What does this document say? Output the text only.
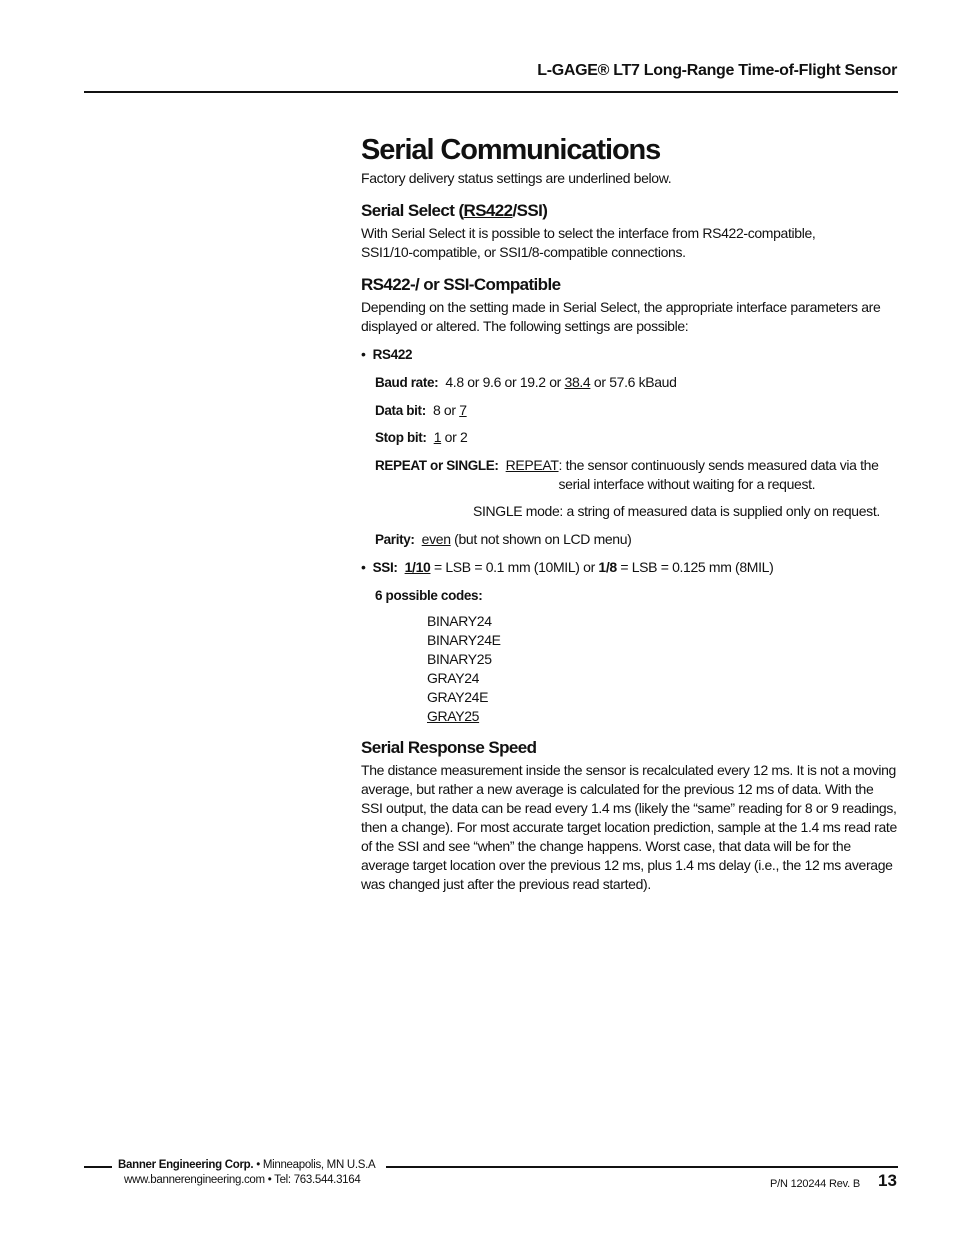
L-GAGE® LT7 Long-Range Time-of-Flight Sensor
Serial Communications

Factory delivery status settings are underlined below.

Serial Select (RS422/SSI)

With Serial Select it is possible to select the interface from RS422-compatible, SSI1/10-compatible, or SSI1/8-compatible connections.

RS422-/ or SSI-Compatible

Depending on the setting made in Serial Select, the appropriate interface parameters are displayed or altered. The following settings are possible:

• RS422

Baud rate: 4.8 or 9.6 or 19.2 or 38.4 or 57.6 kBaud

Data bit: 8 or 7

Stop bit: 1 or 2

REPEAT or SINGLE: REPEAT : the sensor continuously sends measured data via the serial interface without waiting for a request.

SINGLE mode: a string of measured data is supplied only on request.

Parity: even (but not shown on LCD menu)

• SSI: 1/10 = LSB = 0.1 mm (10MIL) or 1/8 = LSB = 0.125 mm (8MIL)

6 possible codes:

BINARY24
BINARY24E
BINARY25
GRAY24
GRAY24E
GRAY25
Serial Response Speed

The distance measurement inside the sensor is recalculated every 12 ms. It is not a moving average, but rather a new average is calculated for the previous 12 ms of data. With the SSI output, the data can be read every 1.4 ms (likely the “same” reading for 8 or 9 readings, then a change). For most accurate target location prediction, sample at the 1.4 ms read rate of the SSI and see “when” the change happens. Worst case, that data will be for the average target location over the previous 12 ms, plus 1.4 ms delay (i.e., the 12 ms average was changed just after the previous read started).

Banner Engineering Corp. • Minneapolis, MN U.S.A
www.bannerengineering.com • Tel: 763.544.3164	P/N 120244 Rev. B 13
